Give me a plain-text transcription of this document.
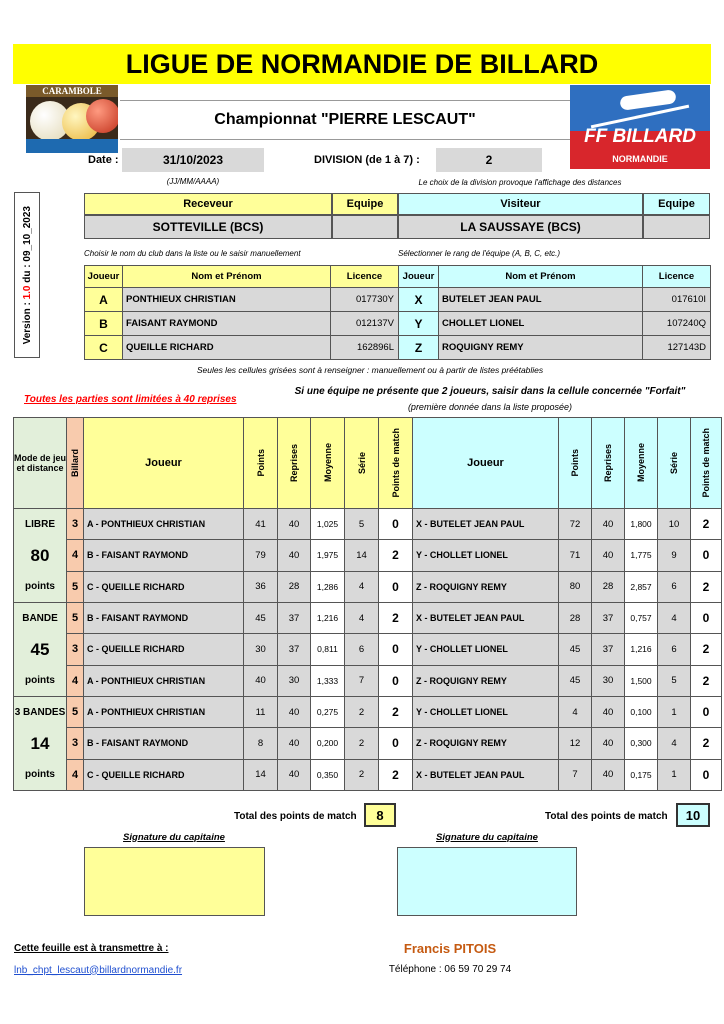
LIGUE DE NORMANDIE DE BILLARD
CARAMBOLE
Championnat "PIERRE LESCAUT"
FF BILLARD
NORMANDIE
Date :	31/10/2023
(JJ/MM/AAAA)
DIVISION (de 1 à 7) :	2
Le choix de la division provoque l'affichage des distances
Version : 1.0 du : 09_10_2023
Receveur	Equipe	Visiteur	Equipe
SOTTEVILLE (BCS)	LA SAUSSAYE (BCS)
Choisir le nom du club dans la liste ou le saisir manuellement	Sélectionner le rang de l'équipe (A, B, C, etc.)
Joueur	Nom et Prénom	Licence
A	PONTHIEUX CHRISTIAN	017730Y
B	FAISANT RAYMOND	012137V
C	QUEILLE RICHARD	162896L
Joueur	Nom et Prénom	Licence
X	BUTELET JEAN PAUL	017610I
Y	CHOLLET LIONEL	107240Q
Z	ROQUIGNY REMY	127143D
Seules les cellules grisées sont à renseigner : manuellement ou à partir de listes préétablies
Toutes les parties sont limitées à 40 reprises
Si une équipe ne présente que 2 joueurs, saisir dans la cellule concernée "Forfait"
(première donnée dans la liste proposée)
Mode de jeu et distance	Billard	Joueur	Points	Reprises	Moyenne	Série	Points de match	Joueur	Points	Reprises	Moyenne	Série	Points de match

LIBRE
80
points	3	A - PONTHIEUX CHRISTIAN	41	40	1,025	5	0	X - BUTELET JEAN PAUL	72	40	1,800	10	2
	4	B - FAISANT RAYMOND	79	40	1,975	14	2	Y - CHOLLET LIONEL	71	40	1,775	9	0
	5	C - QUEILLE RICHARD	36	28	1,286	4	0	Z - ROQUIGNY REMY	80	28	2,857	6	2

BANDE
45
points	5	B - FAISANT RAYMOND	45	37	1,216	4	2	X - BUTELET JEAN PAUL	28	37	0,757	4	0
	3	C - QUEILLE RICHARD	30	37	0,811	6	0	Y - CHOLLET LIONEL	45	37	1,216	6	2
	4	A - PONTHIEUX CHRISTIAN	40	30	1,333	7	0	Z - ROQUIGNY REMY	45	30	1,500	5	2

3 BANDES
14
points	5	A - PONTHIEUX CHRISTIAN	11	40	0,275	2	2	Y - CHOLLET LIONEL	4	40	0,100	1	0
	3	B - FAISANT RAYMOND	8	40	0,200	2	0	Z - ROQUIGNY REMY	12	40	0,300	4	2
	4	C - QUEILLE RICHARD	14	40	0,350	2	2	X - BUTELET JEAN PAUL	7	40	0,175	1	0
Total des points de match	8	Total des points de match	10
Signature du capitaine	Signature du capitaine
Cette feuille est à transmettre à :
lnb_chpt_lescaut@billardnormandie.fr
Francis PITOIS
Téléphone : 06 59 70 29 74
